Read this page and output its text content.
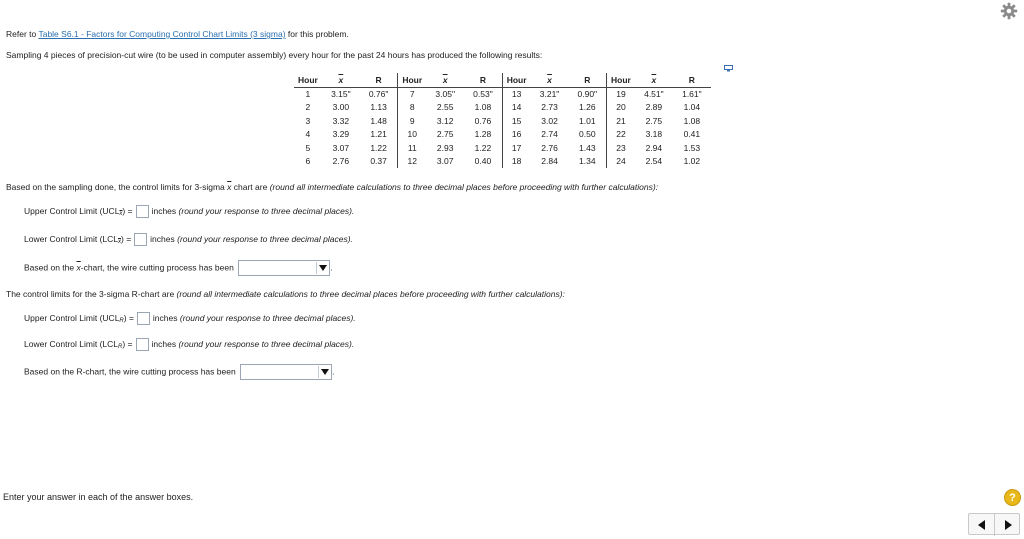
Refer to Table S6.1 - Factors for Computing Control Chart Limits (3 sigma) for this problem.
Sampling 4 pieces of precision-cut wire (to be used in computer assembly) every hour for the past 24 hours has produced the following results:
Hour	$\overline{x}$	R	Hour	$\overline{x}$	R	Hour	$\overline{x}$	R	Hour	$\overline{x}$	R
1	3.15"	0.76"	7	3.05"	0.53"	13	3.21"	0.90"	19	4.51"	1.61"
2	3.00	1.13	8	2.55	1.08	14	2.73	1.26	20	2.89	1.04
3	3.32	1.48	9	3.12	0.76	15	3.02	1.01	21	2.75	1.08
4	3.29	1.21	10	2.75	1.28	16	2.74	0.50	22	3.18	0.41
5	3.07	1.22	11	2.93	1.22	17	2.76	1.43	23	2.94	1.53
6	2.76	0.37	12	3.07	0.40	18	2.84	1.34	24	2.54	1.02
Based on the sampling done, the control limits for 3-sigma $\overline{x}$ chart are (round all intermediate calculations to three decimal places before proceeding with further calculations):
Upper Control Limit $(UCL\overline{x})$ = inches (round your response to three decimal places).
Lower Control Limit $(LCL\overline{x})$ = inches (round your response to three decimal places).
Based on the $\overline{x}$-chart, the wire cutting process has been	.
The control limits for the 3-sigma R-chart are (round all intermediate calculations to three decimal places before proceeding with further calculations):
Upper Control Limit (UCLR) = inches (round your response to three decimal places).
Lower Control Limit (LCLR) = inches (round your response to three decimal places).
Based on the R-chart, the wire cutting process has been	.
Enter your answer in each of the answer boxes.	?
